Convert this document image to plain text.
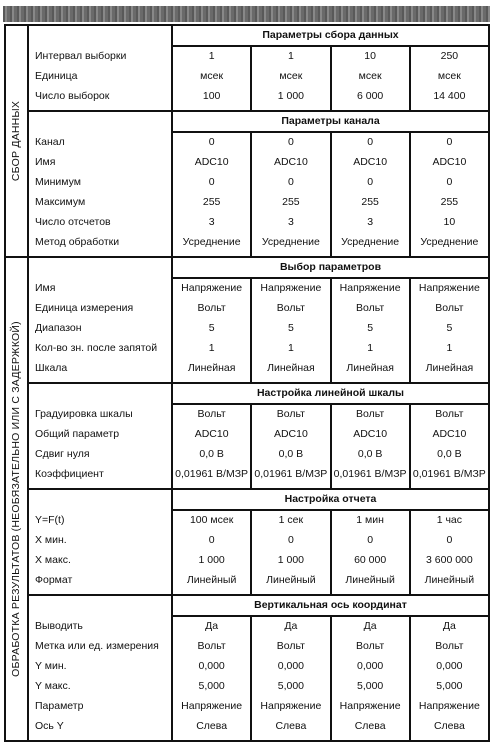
СБОР ДАННЫХ		Параметры сбора данных			
	Интервал выборки	1	1	10	250
	Единица	мсек	мсек	мсек	мсек
	Число выборок	100	1 000	6 000	14 400
		Параметры канала			
	Канал	0	0	0	0
	Имя	ADC10	ADC10	ADC10	ADC10
	Минимум	0	0	0	0
	Максимум	255	255	255	255
	Число отсчетов	3	3	3	10
	Метод обработки	Усреднение	Усреднение	Усреднение	Усреднение

ОБРАБОТКА РЕЗУЛЬТАТОВ (НЕОБЯЗАТЕЛЬНО ИЛИ С ЗАДЕРЖКОЙ)		Выбор параметров			
	Имя	Напряжение	Напряжение	Напряжение	Напряжение
	Единица измерения	Вольт	Вольт	Вольт	Вольт
	Диапазон	5	5	5	5
	Кол-во зн. после запятой	1	1	1	1
	Шкала	Линейная	Линейная	Линейная	Линейная
		Настройка линейной шкалы			
	Градуировка шкалы	Вольт	Вольт	Вольт	Вольт
	Общий параметр	ADC10	ADC10	ADC10	ADC10
	Сдвиг нуля	0,0 В	0,0 В	0,0 В	0,0 В
	Коэффициент	0,01961 В/МЗР	0,01961 В/МЗР	0,01961 В/МЗР	0,01961 В/МЗР
		Настройка отчета			
	Y=F(t)	100 мсек	1 сек	1 мин	1 час
	X мин.	0	0	0	0
	X макс.	1 000	1 000	60 000	3 600 000
	Формат	Линейный	Линейный	Линейный	Линейный
		Вертикальная ось координат			
	Выводить	Да	Да	Да	Да
	Метка или ед. измерения	Вольт	Вольт	Вольт	Вольт
	Y мин.	0,000	0,000	0,000	0,000
	Y макс.	5,000	5,000	5,000	5,000
	Параметр	Напряжение	Напряжение	Напряжение	Напряжение
	Ось Y	Слева	Слева	Слева	Слева
